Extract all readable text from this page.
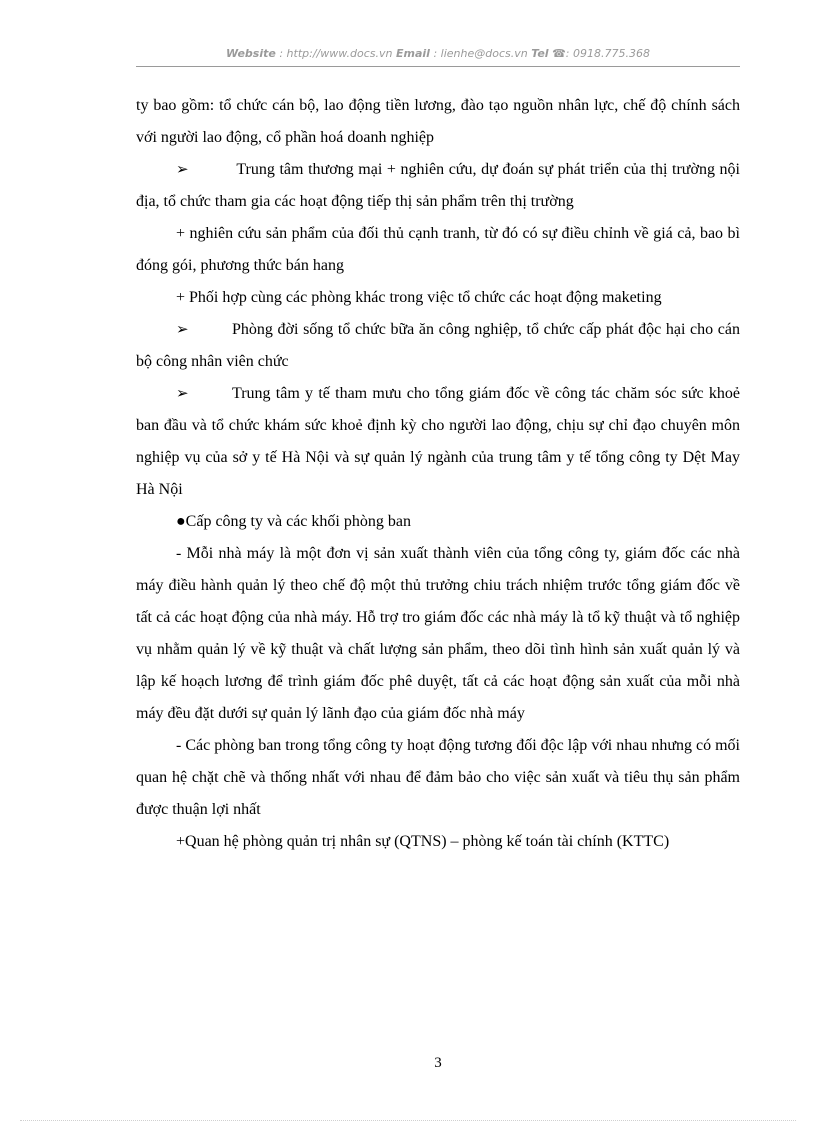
Website : http://www.docs.vn Email : lienhe@docs.vn Tel ☎: 0918.775.368

ty bao gồm: tổ chức cán bộ, lao động tiền lương, đào tạo nguồn nhân lực, chế độ chính sách với người lao động, cổ phần hoá doanh nghiệp

➢	Trung tâm thương mại + nghiên cứu, dự đoán sự phát triển của thị trường nội địa, tổ chức tham gia các hoạt động tiếp thị sản phẩm trên thị trường

+ nghiên cứu sản phẩm của đối thủ cạnh tranh, từ đó có sự điều chỉnh về giá cả, bao bì đóng gói, phương thức bán hang

+ Phối hợp cùng các phòng khác trong việc tổ chức các hoạt động maketing

➢	Phòng đời sống tổ chức bữa ăn công nghiệp, tổ chức cấp phát độc hại cho cán bộ công nhân viên chức

➢	Trung tâm y tế tham mưu cho tổng giám đốc về công tác chăm sóc sức khoẻ ban đầu và tổ chức khám sức khoẻ định kỳ cho người lao động, chịu sự chỉ đạo chuyên môn nghiệp vụ của sở y tế Hà Nội và sự quản lý ngành của trung tâm y tế tổng công ty Dệt May Hà Nội

●Cấp công ty và các khối phòng ban

- Mỗi nhà máy là một đơn vị sản xuất thành viên của tổng công ty, giám đốc các nhà máy điều hành quản lý theo chế độ một thủ trưởng chiu trách nhiệm trước tổng giám đốc về tất cả các hoạt động của nhà máy. Hỗ trợ tro giám đốc các nhà máy là tổ kỹ thuật và tổ nghiệp vụ nhằm quản lý về kỹ thuật và chất lượng sản phẩm, theo dõi tình hình sản xuất quản lý và lập kế hoạch lương để trình giám đốc phê duyệt, tất cả các hoạt động sản xuất của mỗi nhà máy đều đặt dưới sự quản lý lãnh đạo của giám đốc nhà máy

- Các phòng ban trong tổng công ty hoạt động tương đối độc lập với nhau nhưng có mối quan hệ chặt chẽ và thống nhất với nhau để đảm bảo cho việc sản xuất và tiêu thụ sản phẩm được thuận lợi nhất

+Quan hệ phòng quản trị nhân sự (QTNS) – phòng kế toán tài chính (KTTC)

3
